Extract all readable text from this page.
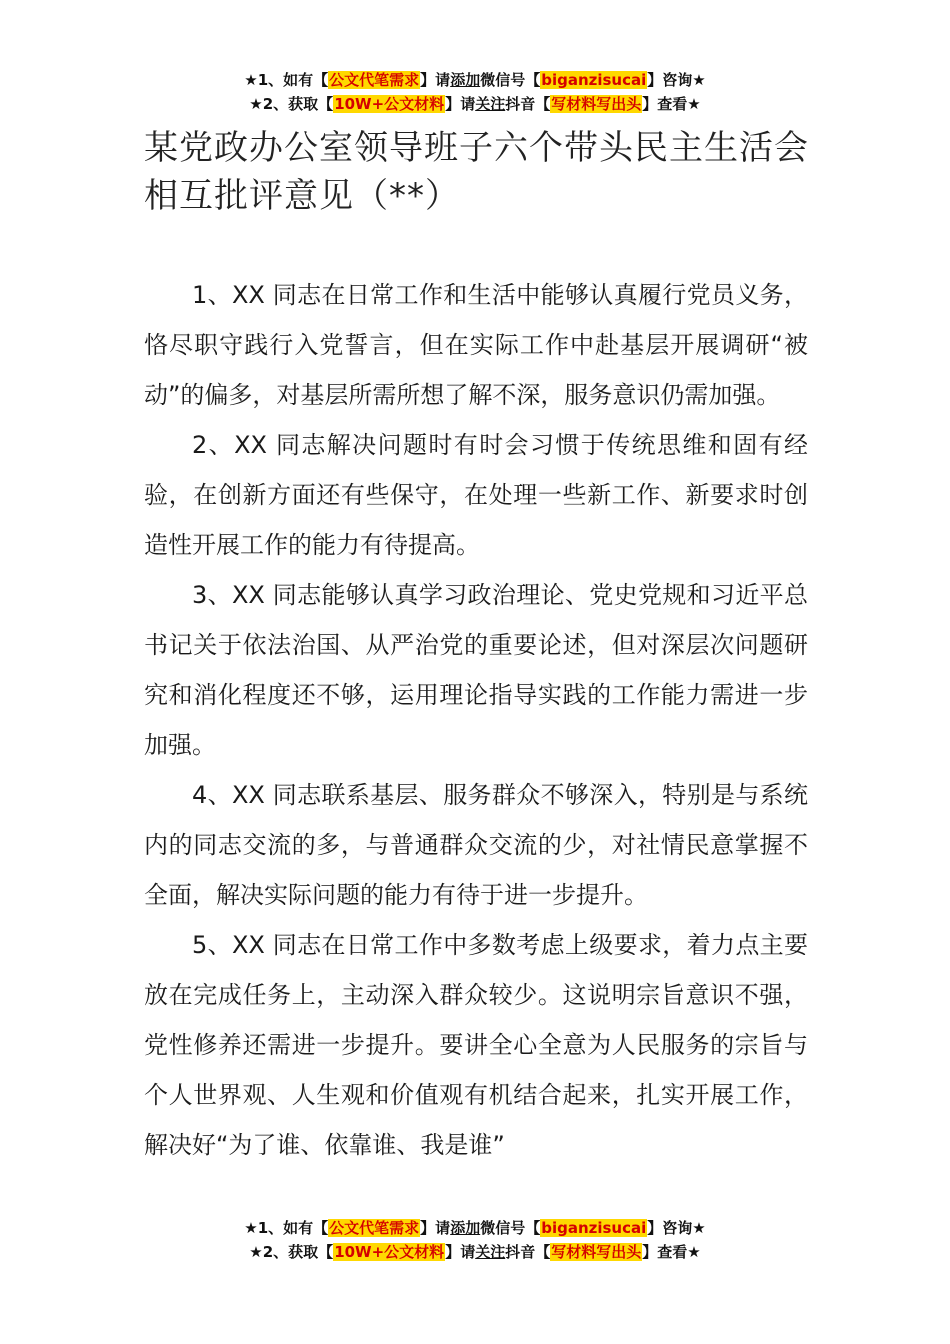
★1、如有【公文代笔需求】请添加微信号【biganzisucai】咨询★
★2、获取【10W+公文材料】请关注抖音【写材料写出头】查看★
某党政办公室领导班子六个带头民主生活会相互批评意见（**）

1、XX 同志在日常工作和生活中能够认真履行党员义务，恪尽职守践行入党誓言，但在实际工作中赴基层开展调研“被动”的偏多，对基层所需所想了解不深，服务意识仍需加强。

2、XX 同志解决问题时有时会习惯于传统思维和固有经验，在创新方面还有些保守，在处理一些新工作、新要求时创造性开展工作的能力有待提高。

3、XX 同志能够认真学习政治理论、党史党规和习近平总书记关于依法治国、从严治党的重要论述，但对深层次问题研究和消化程度还不够，运用理论指导实践的工作能力需进一步加强。

4、XX 同志联系基层、服务群众不够深入，特别是与系统内的同志交流的多，与普通群众交流的少，对社情民意掌握不全面，解决实际问题的能力有待于进一步提升。

5、XX 同志在日常工作中多数考虑上级要求，着力点主要放在完成任务上，主动深入群众较少。这说明宗旨意识不强，党性修养还需进一步提升。要讲全心全意为人民服务的宗旨与个人世界观、人生观和价值观有机结合起来，扎实开展工作，解决好“为了谁、依靠谁、我是谁”

★1、如有【公文代笔需求】请添加微信号【biganzisucai】咨询★
★2、获取【10W+公文材料】请关注抖音【写材料写出头】查看★
